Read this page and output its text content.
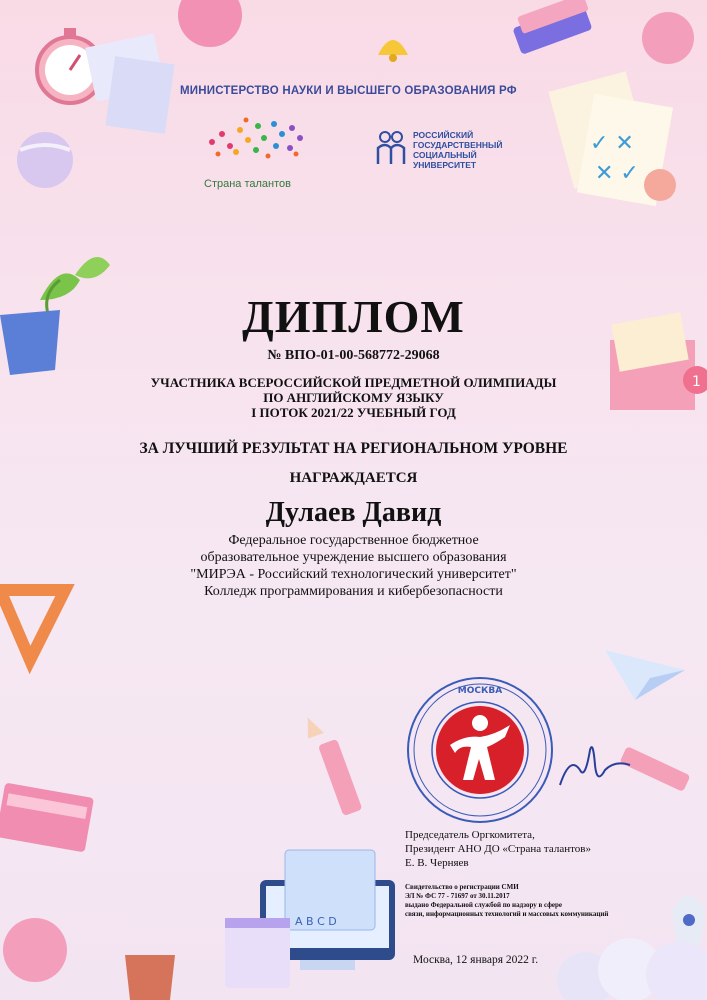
✓ ✕
✕ ✓
1
A B C D
МИНИСТЕРСТВО НАУКИ И ВЫСШЕГО ОБРАЗОВАНИЯ РФ
Страна талантов
РОССИЙСКИЙ
ГОСУДАРСТВЕННЫЙ
СОЦИАЛЬНЫЙ
УНИВЕРСИТЕТ
ДИПЛОМ
№ ВПО-01-00-568772-29068
УЧАСТНИКА ВСЕРОССИЙСКОЙ ПРЕДМЕТНОЙ ОЛИМПИАДЫ
ПО АНГЛИЙСКОМУ ЯЗЫКУ
I ПОТОК 2021/22 УЧЕБНЫЙ ГОД
ЗА ЛУЧШИЙ РЕЗУЛЬТАТ НА РЕГИОНАЛЬНОМ УРОВНЕ
НАГРАЖДАЕТСЯ
Дулаев Давид
Федеральное государственное бюджетное
образовательное учреждение высшего образования
"МИРЭА - Российский технологический университет"
Колледж программирования и кибербезопасности
МОСКВА
Председатель Оргкомитета,
Президент АНО ДО «Страна талантов»
Е. В. Черняев
Свидетельство о регистрации СМИ
ЭЛ № ФС 77 - 71697 от 30.11.2017
выдано Федеральной службой по надзору в сфере
связи, информационных технологий и массовых коммуникаций
Москва, 12 января 2022 г.
